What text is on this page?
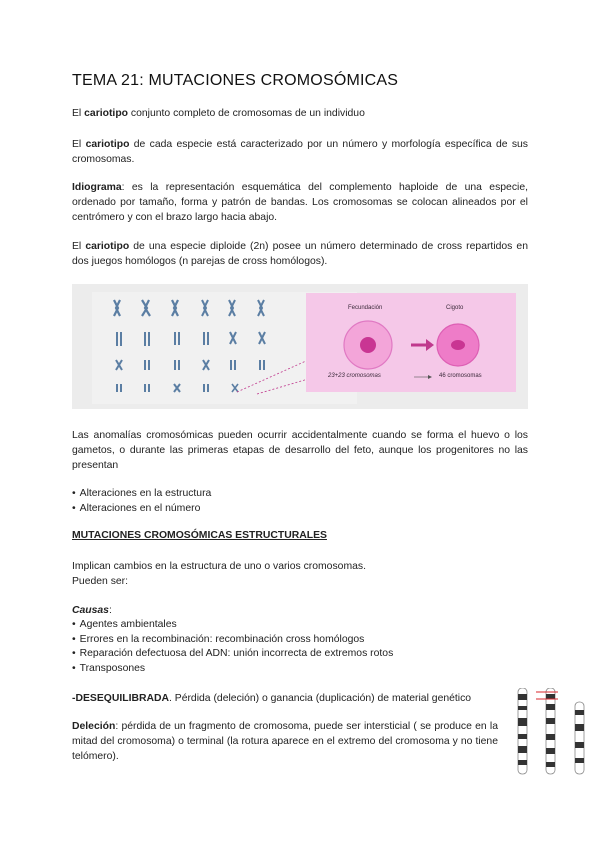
TEMA 21: MUTACIONES CROMOSÓMICAS
El cariotipo conjunto completo de cromosomas de un individuo
El cariotipo de cada especie está caracterizado por un número y morfología específica de sus cromosomas.
Idiograma: es la representación esquemática del complemento haploide de una especie, ordenado por tamaño, forma y patrón de bandas. Los cromosomas se colocan alineados por el centrómero y con el brazo largo hacia abajo.
El cariotipo de una especie diploide (2n) posee un número determinado de cross repartidos en dos juegos homólogos (n parejas de cross homólogos).
Fecundación	Cigoto
23+23 cromosomas	46 cromosomas
Las anomalías cromosómicas pueden ocurrir accidentalmente cuando se forma el huevo o los gametos, o durante las primeras etapas de desarrollo del feto, aunque los progenitores no las presentan
• Alteraciones en la estructura
• Alteraciones en el número
MUTACIONES CROMOSÓMICAS ESTRUCTURALES
Implican cambios en la estructura de uno o varios cromosomas.
Pueden ser:
Causas:
• Agentes ambientales
• Errores en la recombinación: recombinación cross homólogos
• Reparación defectuosa del ADN: unión incorrecta de extremos rotos
• Transposones
-DESEQUILIBRADA. Pérdida (deleción) o ganancia (duplicación) de material genético
Deleción: pérdida de un fragmento de cromosoma, puede ser intersticial ( se produce en la mitad del cromosoma) o terminal (la rotura aparece en el extremo del cromosoma y no tiene telómero).
